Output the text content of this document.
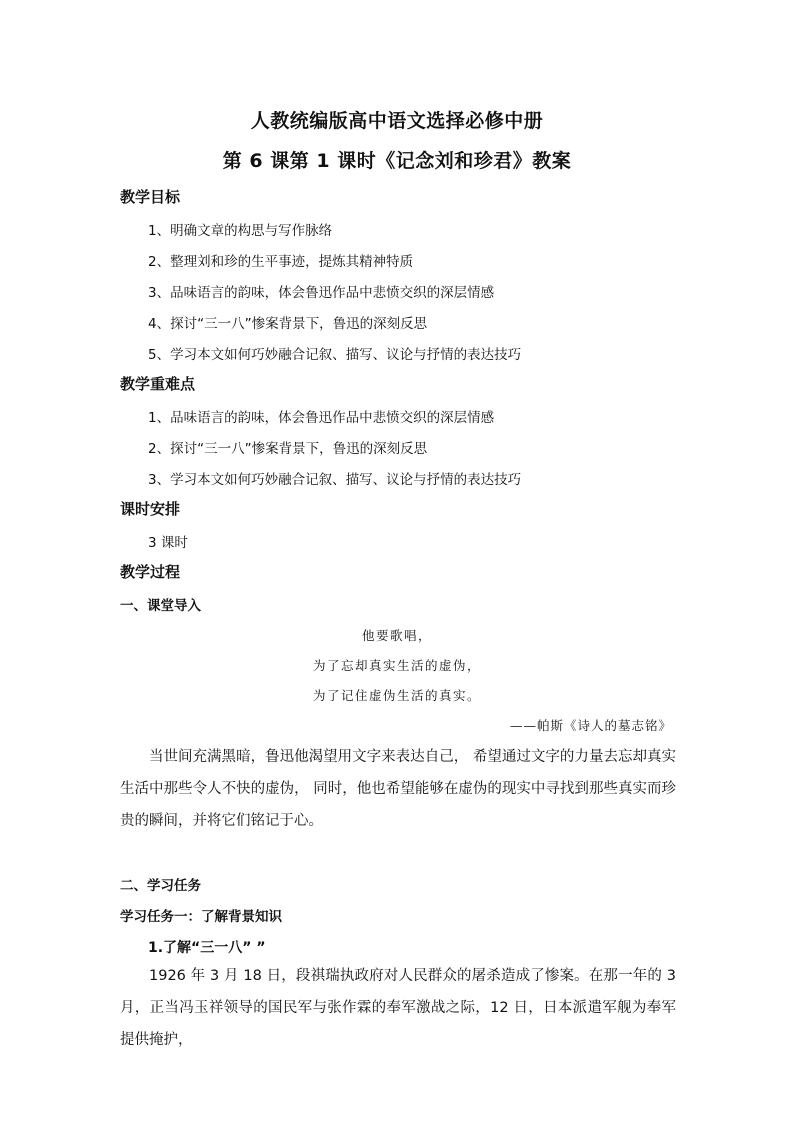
人教统编版高中语文选择必修中册
第 6 课第 1 课时《记念刘和珍君》教案
教学目标
1、明确文章的构思与写作脉络
2、整理刘和珍的生平事迹，提炼其精神特质
3、品味语言的韵味，体会鲁迅作品中悲愤交织的深层情感
4、探讨“三一八”惨案背景下，鲁迅的深刻反思
5、学习本文如何巧妙融合记叙、描写、议论与抒情的表达技巧
教学重难点
1、品味语言的韵味，体会鲁迅作品中悲愤交织的深层情感
2、探讨“三一八”惨案背景下，鲁迅的深刻反思
3、学习本文如何巧妙融合记叙、描写、议论与抒情的表达技巧
课时安排
3 课时
教学过程
一、课堂导入
他要歌唱，
为了忘却真实生活的虚伪，
为了记住虚伪生活的真实。
——帕斯《诗人的墓志铭》
当世间充满黑暗，鲁迅他渴望用文字来表达自己， 希望通过文字的力量去忘却真实生活中那些令人不快的虚伪， 同时，他也希望能够在虚伪的现实中寻找到那些真实而珍贵的瞬间，并将它们铭记于心。
二、学习任务
学习任务一：了解背景知识
1.了解“三一八” ”
1926 年 3 月 18 日，段祺瑞执政府对人民群众的屠杀造成了惨案。在那一年的 3 月，正当冯玉祥领导的国民军与张作霖的奉军激战之际，12 日，日本派遣军舰为奉军提供掩护，
